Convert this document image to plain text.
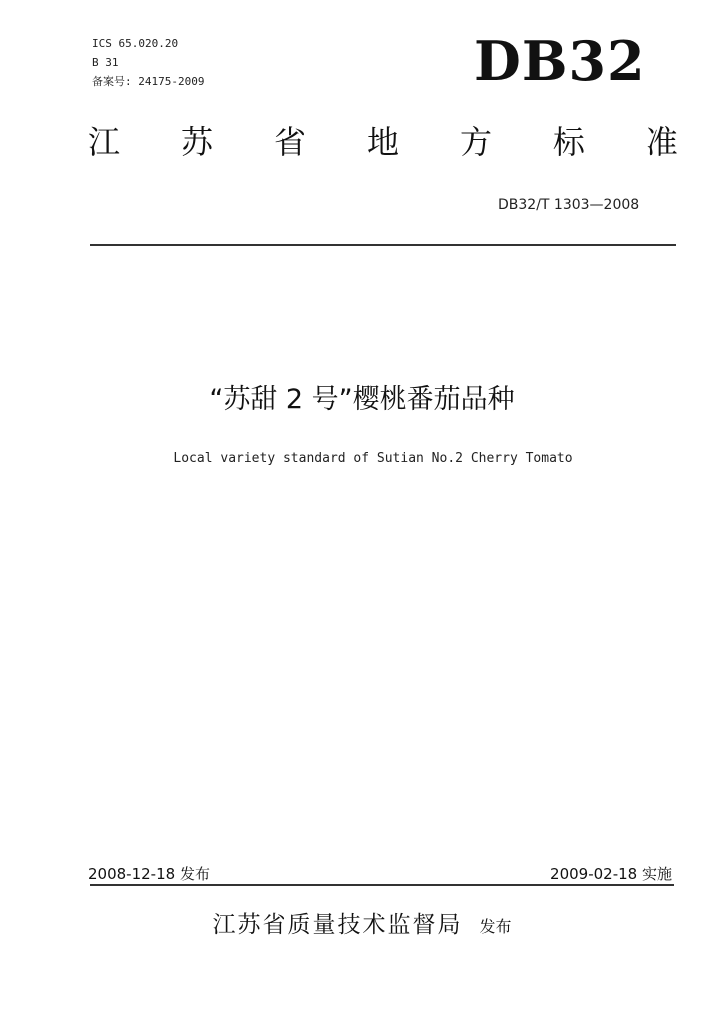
ICS 65.020.20
B 31
备案号: 24175-2009	DB32
江 苏 省 地 方 标 准
DB32/T 1303—2008
“苏甜 2 号”樱桃番茄品种
Local variety standard of Sutian No.2 Cherry Tomato
2008-12-18 发布	2009-02-18 实施
江苏省质量技术监督局 发布
